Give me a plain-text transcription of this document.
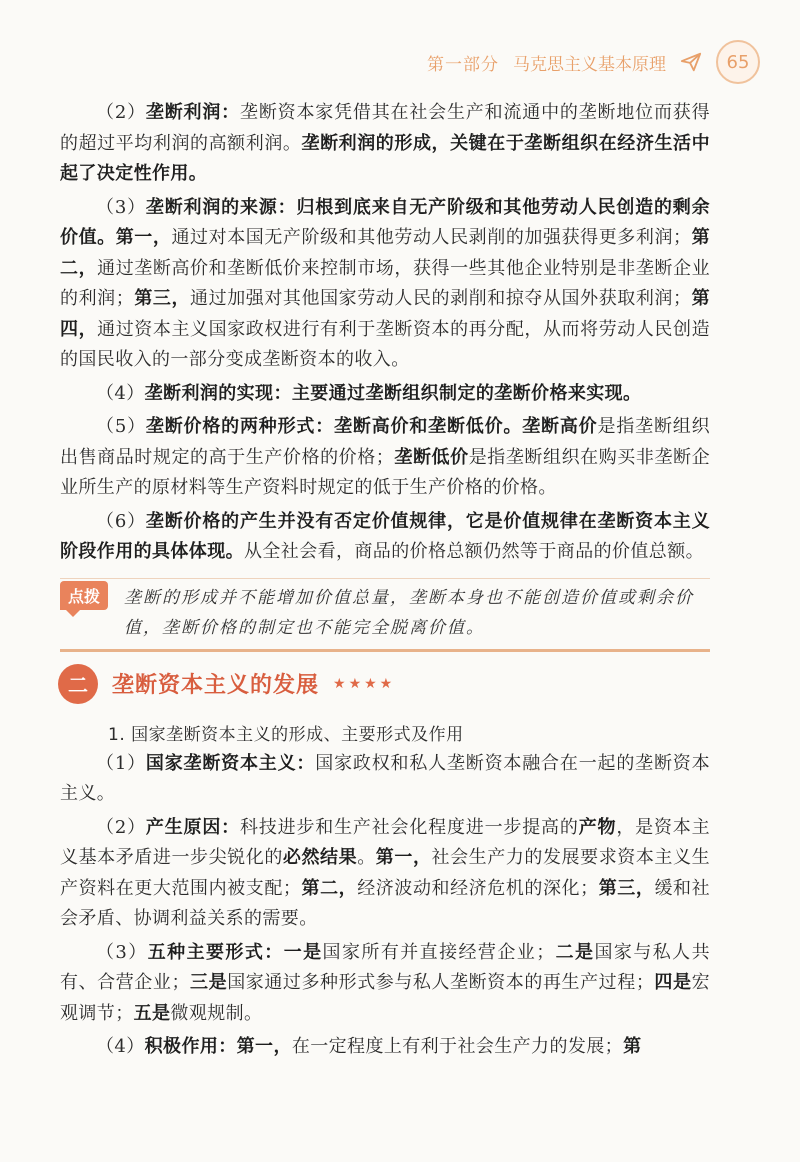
第一部分 马克思主义基本原理	65

（2）垄断利润：垄断资本家凭借其在社会生产和流通中的垄断地位而获得的超过平均利润的高额利润。垄断利润的形成，关键在于垄断组织在经济生活中起了决定性作用。

（3）垄断利润的来源：归根到底来自无产阶级和其他劳动人民创造的剩余价值。第一，通过对本国无产阶级和其他劳动人民剥削的加强获得更多利润；第二，通过垄断高价和垄断低价来控制市场，获得一些其他企业特别是非垄断企业的利润；第三，通过加强对其他国家劳动人民的剥削和掠夺从国外获取利润；第四，通过资本主义国家政权进行有利于垄断资本的再分配，从而将劳动人民创造的国民收入的一部分变成垄断资本的收入。

（4）垄断利润的实现：主要通过垄断组织制定的垄断价格来实现。

（5）垄断价格的两种形式：垄断高价和垄断低价。垄断高价是指垄断组织出售商品时规定的高于生产价格的价格；垄断低价是指垄断组织在购买非垄断企业所生产的原材料等生产资料时规定的低于生产价格的价格。

（6）垄断价格的产生并没有否定价值规律，它是价值规律在垄断资本主义阶段作用的具体体现。从全社会看，商品的价格总额仍然等于商品的价值总额。

点拨	垄断的形成并不能增加价值总量，垄断本身也不能创造价值或剩余价值，垄断价格的制定也不能完全脱离价值。
二	垄断资本主义的发展 ★★★★
1. 国家垄断资本主义的形成、主要形式及作用

（1）国家垄断资本主义：国家政权和私人垄断资本融合在一起的垄断资本主义。

（2）产生原因：科技进步和生产社会化程度进一步提高的产物，是资本主义基本矛盾进一步尖锐化的必然结果。第一，社会生产力的发展要求资本主义生产资料在更大范围内被支配；第二，经济波动和经济危机的深化；第三，缓和社会矛盾、协调利益关系的需要。

（3）五种主要形式：一是国家所有并直接经营企业；二是国家与私人共有、合营企业；三是国家通过多种形式参与私人垄断资本的再生产过程；四是宏观调节；五是微观规制。

（4）积极作用：第一，在一定程度上有利于社会生产力的发展；第
